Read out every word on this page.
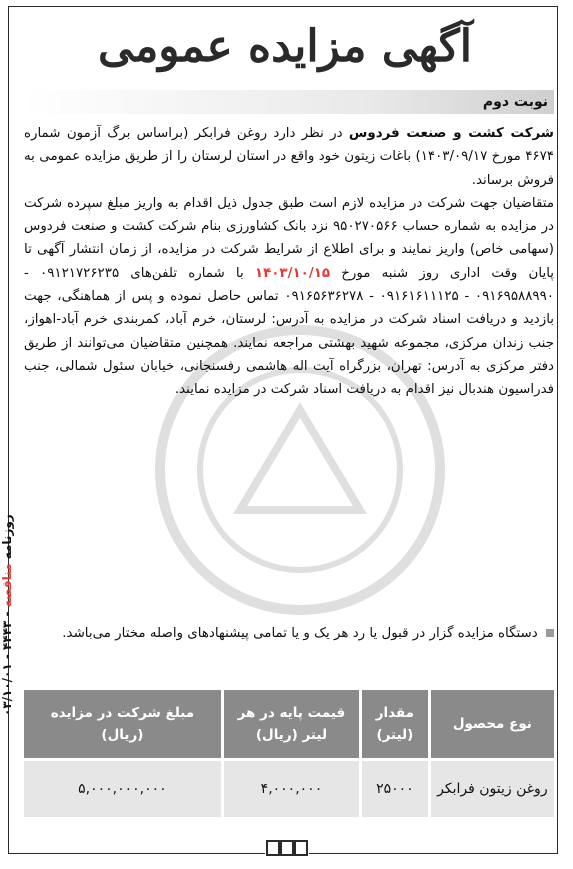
آگهی مزایده عمومی
نوبت دوم

شرکت کشت و صنعت فردوس در نظر دارد روغن فرابکر (براساس برگ آزمون شماره ۴۶۷۴ مورخ ۱۴۰۳/۰۹/۱۷) باغات زیتون خود واقع در استان لرستان را از طریق مزایده عمومی به فروش برساند.

متقاضیان جهت شرکت در مزایده لازم است طبق جدول ذیل اقدام به واریز مبلغ سپرده شرکت در مزایده به شماره حساب ۹۵۰۲۷۰۵۶۶ نزد بانک کشاورزی بنام شرکت کشت و صنعت فردوس (سهامی خاص) واریز نمایند و برای اطلاع از شرایط شرکت در مزایده، از زمان انتشار آگهی تا پایان وقت اداری روز شنبه مورخ ۱۴۰۳/۱۰/۱۵ با شماره تلفن‌های ۰۹۱۲۱۷۲۶۲۳۵ - ۰۹۱۶۹۵۸۸۹۹۰ - ۰۹۱۶۱۶۱۱۱۲۵ - ۰۹۱۶۵۶۳۶۲۷۸ تماس حاصل نموده و پس از هماهنگی، جهت بازدید و دریافت اسناد شرکت در مزایده به آدرس: لرستان، خرم آباد، کمربندی خرم آباد-اهواز، جنب زندان مرکزی، مجموعه شهید بهشتی مراجعه نمایند. همچنین متقاضیان می‌توانند از طریق دفتر مرکزی به آدرس: تهران، بزرگراه آیت اله هاشمی رفسنجانی، خیابان سئول شمالی، جنب فدراسیون هندبال نیز اقدام به دریافت اسناد شرکت در مزایده نمایند.

دستگاه مزایده گزار در قبول یا رد هر یک و یا تمامی پیشنهادهای واصله مختار می‌باشد.
نوع محصول
مقدار (لیتر)
قیمت پایه در هر لیتر (ریال)
مبلغ شرکت در مزایده (ریال)
روغن زیتون فرابکر
۲۵۰۰۰
۴,۰۰۰,۰۰۰
۵,۰۰۰,۰۰۰,۰۰۰
روزنامه مناقصه - ۴۴۴۳ - ۰۳/۱۰/۰۱
